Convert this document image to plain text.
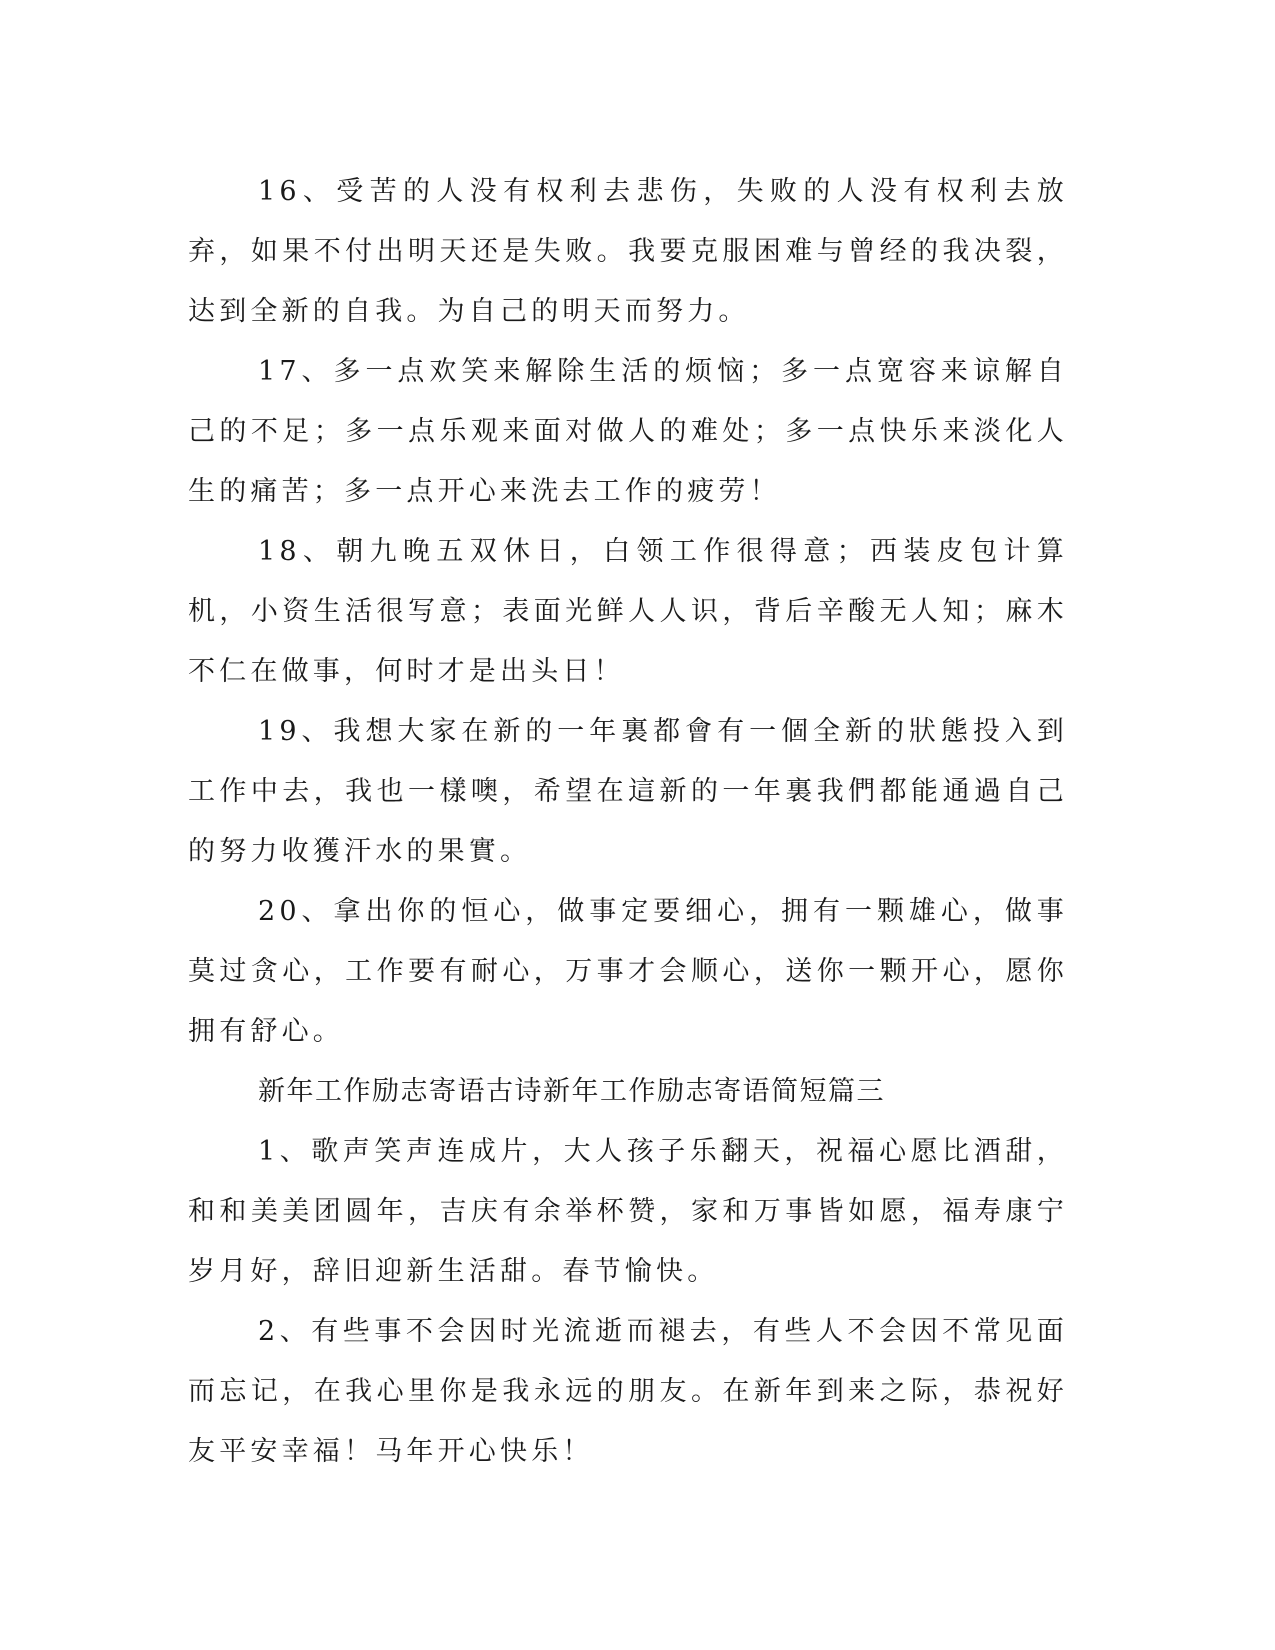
16、受苦的人没有权利去悲伤，失败的人没有权利去放弃，如果不付出明天还是失败。我要克服困难与曾经的我决裂，达到全新的自我。为自己的明天而努力。

17、多一点欢笑来解除生活的烦恼；多一点宽容来谅解自己的不足；多一点乐观来面对做人的难处；多一点快乐来淡化人生的痛苦；多一点开心来洗去工作的疲劳！

18、朝九晚五双休日，白领工作很得意；西装皮包计算机，小资生活很写意；表面光鲜人人识，背后辛酸无人知；麻木不仁在做事，何时才是出头日！

19、我想大家在新的一年裏都會有一個全新的狀態投入到工作中去，我也一樣噢，希望在這新的一年裏我們都能通過自己的努力收獲汗水的果實。

20、拿出你的恒心，做事定要细心，拥有一颗雄心，做事莫过贪心，工作要有耐心，万事才会顺心，送你一颗开心，愿你拥有舒心。

新年工作励志寄语古诗新年工作励志寄语简短篇三

1、歌声笑声连成片，大人孩子乐翻天，祝福心愿比酒甜，和和美美团圆年，吉庆有余举杯赞，家和万事皆如愿，福寿康宁岁月好，辞旧迎新生活甜。春节愉快。

2、有些事不会因时光流逝而褪去，有些人不会因不常见面而忘记，在我心里你是我永远的朋友。在新年到来之际，恭祝好友平安幸福！马年开心快乐！
